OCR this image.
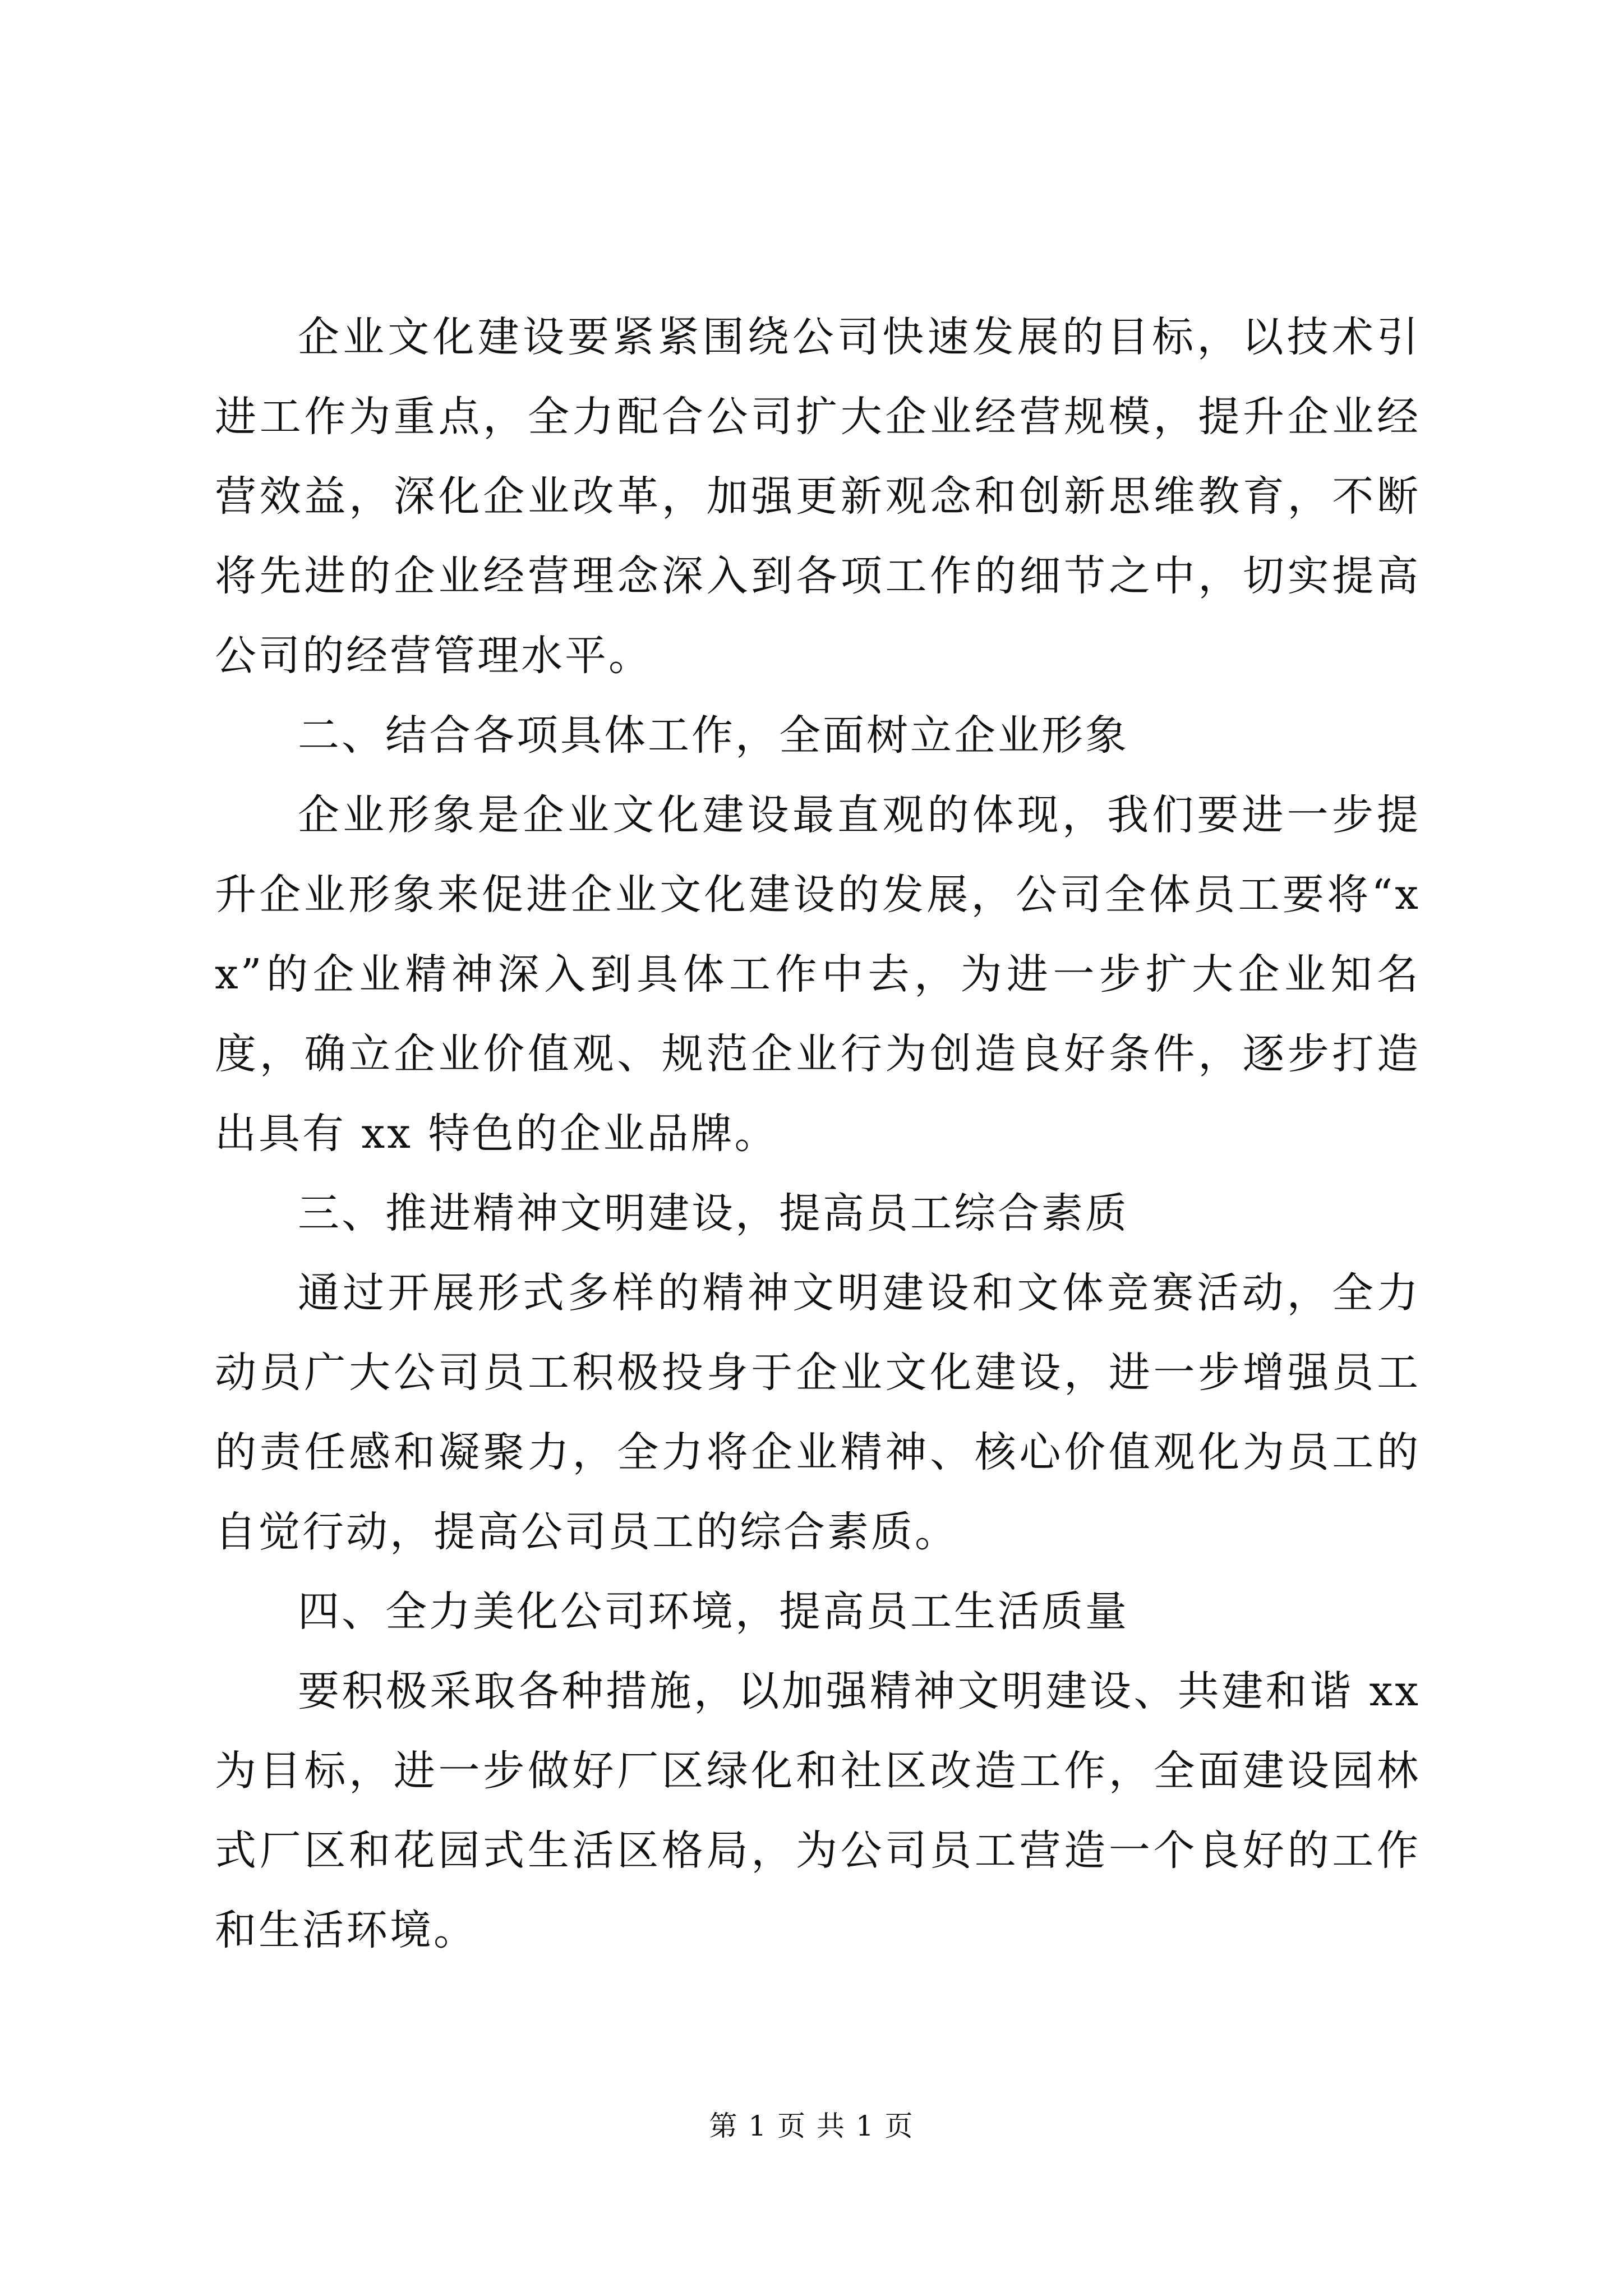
企业文化建设要紧紧围绕公司快速发展的目标，以技术引进工作为重点，全力配合公司扩大企业经营规模，提升企业经营效益，深化企业改革，加强更新观念和创新思维教育，不断将先进的企业经营理念深入到各项工作的细节之中，切实提高公司的经营管理水平。

二、结合各项具体工作，全面树立企业形象

企业形象是企业文化建设最直观的体现，我们要进一步提升企业形象来促进企业文化建设的发展，公司全体员工要将“xx”的企业精神深入到具体工作中去，为进一步扩大企业知名度，确立企业价值观、规范企业行为创造良好条件，逐步打造出具有 xx 特色的企业品牌。

三、推进精神文明建设，提高员工综合素质

通过开展形式多样的精神文明建设和文体竞赛活动，全力动员广大公司员工积极投身于企业文化建设，进一步增强员工的责任感和凝聚力，全力将企业精神、核心价值观化为员工的自觉行动，提高公司员工的综合素质。

四、全力美化公司环境，提高员工生活质量

要积极采取各种措施，以加强精神文明建设、共建和谐 xx 为目标，进一步做好厂区绿化和社区改造工作，全面建设园林式厂区和花园式生活区格局，为公司员工营造一个良好的工作和生活环境。

第 1 页 共 1 页
